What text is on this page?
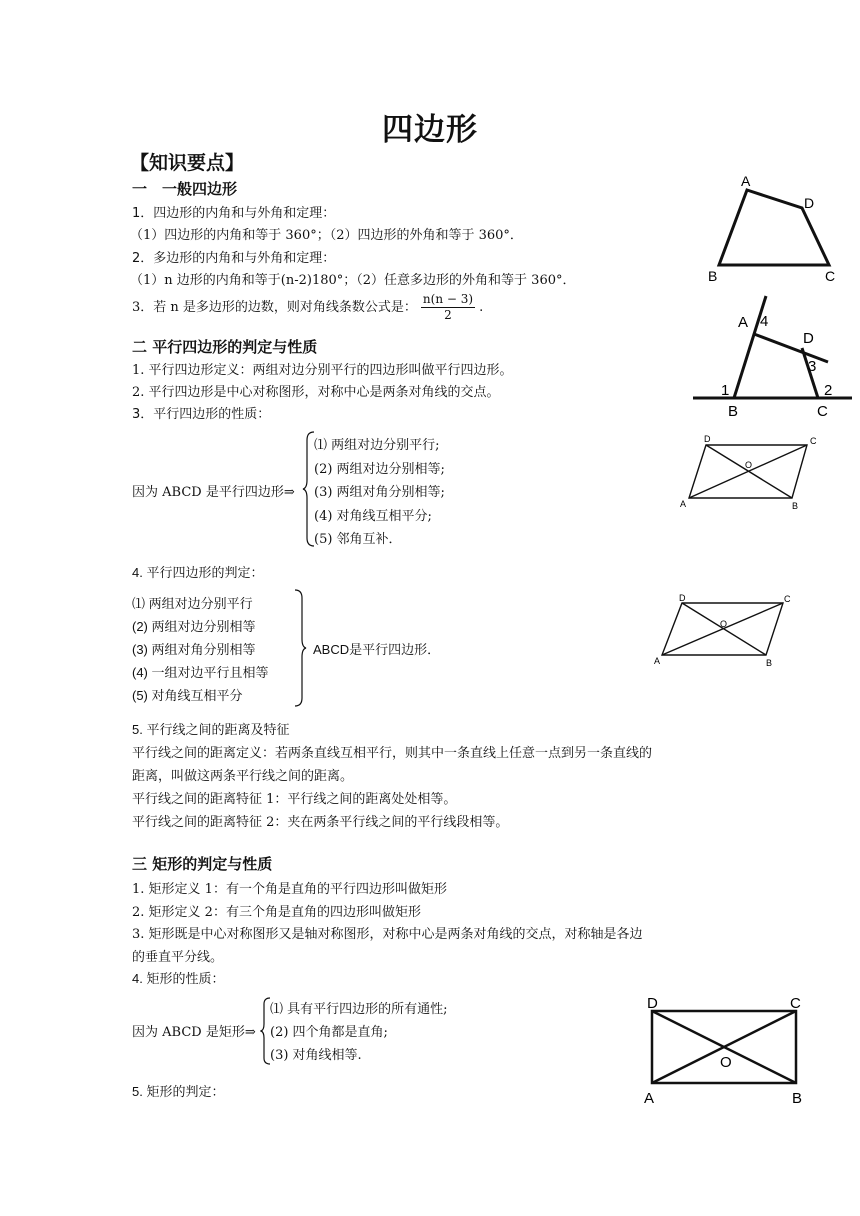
四边形
【知识要点】
一　一般四边形
1．四边形的内角和与外角和定理：
（1）四边形的内角和等于 360°；（2）四边形的外角和等于 360°．
2．多边形的内角和与外角和定理：
（1）n 边形的内角和等于(n-2)180°；（2）任意多边形的外角和等于 360°．
3．若 n 是多边形的边数，则对角线条数公式是： $\frac{n(n - 3)}{2}$ .
二 平行四边形的判定与性质
1. 平行四边形定义：两组对边分别平行的四边形叫做平行四边形。
2. 平行四边形是中心对称图形，对称中心是两条对角线的交点。
3．平行四边形的性质：
因为 ABCD 是平行四边形⇒
⑴ 两组对边分别平行;
(2) 两组对边分别相等;
(3) 两组对角分别相等;
(4) 对角线互相平分;
(5) 邻角互补．
4. 平行四边形的判定：
⑴ 两组对边分别平行
(2) 两组对边分别相等
(3) 两组对角分别相等
(4) 一组对边平行且相等
(5) 对角线互相平分
ABCD是平行四边形．
5. 平行线之间的距离及特征
平行线之间的距离定义：若两条直线互相平行，则其中一条直线上任意一点到另一条直线的
距离，叫做这两条平行线之间的距离。
平行线之间的距离特征 1：平行线之间的距离处处相等。
平行线之间的距离特征 2：夹在两条平行线之间的平行线段相等。
三 矩形的判定与性质
1. 矩形定义 1：有一个角是直角的平行四边形叫做矩形
2. 矩形定义 2：有三个角是直角的四边形叫做矩形
3. 矩形既是中心对称图形又是轴对称图形，对称中心是两条对角线的交点，对称轴是各边
的垂直平分线。
4. 矩形的性质：
因为 ABCD 是矩形⇒
⑴ 具有平行四边形的所有通性;
(2) 四个角都是直角;
(3) 对角线相等.
5. 矩形的判定：
A
D
B	C
A 4
D
3
1	2
B	C
D	C
O
A	B
D	C
O
A	B
D	C
O
A	B
